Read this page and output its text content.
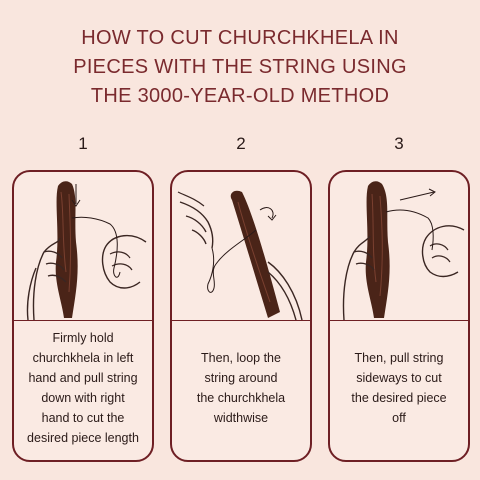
HOW TO CUT CHURCHKHELA IN
PIECES WITH THE STRING USING
THE 3000-YEAR-OLD METHOD
1
Firmly hold
churchkhela in left
hand and pull string
down with right
hand to cut the
desired piece length
2
Then, loop the
string around
the churchkhela
widthwise
3
Then, pull string
sideways to cut
the desired piece
off
